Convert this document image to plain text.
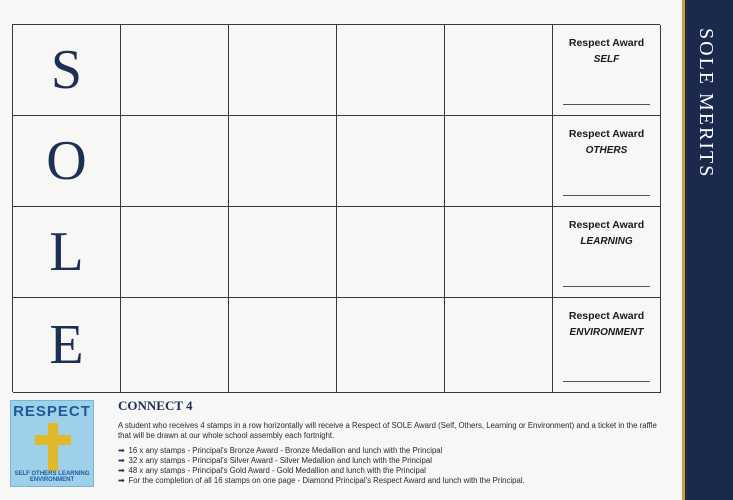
S	Respect Award
SELF
O	Respect Award
OTHERS
L	Respect Award
LEARNING
E	Respect Award
ENVIRONMENT
RESPECT
SELF OTHERS LEARNING ENVIRONMENT
CONNECT 4
A student who receives 4 stamps in a row horizontally will receive a Respect of SOLE Award (Self, Others, Learning or Environment) and a ticket in the raffle that will be drawn at our whole school assembly each fortnight.
➡ 16 x any stamps - Principal's Bronze Award - Bronze Medallion and lunch with the Principal
➡ 32 x any stamps - Principal's Silver Award - Silver Medallion and lunch with the Principal
➡ 48 x any stamps - Principal's Gold Award - Gold Medallion and lunch with the Principal
➡ For the completion of all 16 stamps on one page - Diamond Principal's Respect Award and lunch with the Principal.
SOLE MERITS
